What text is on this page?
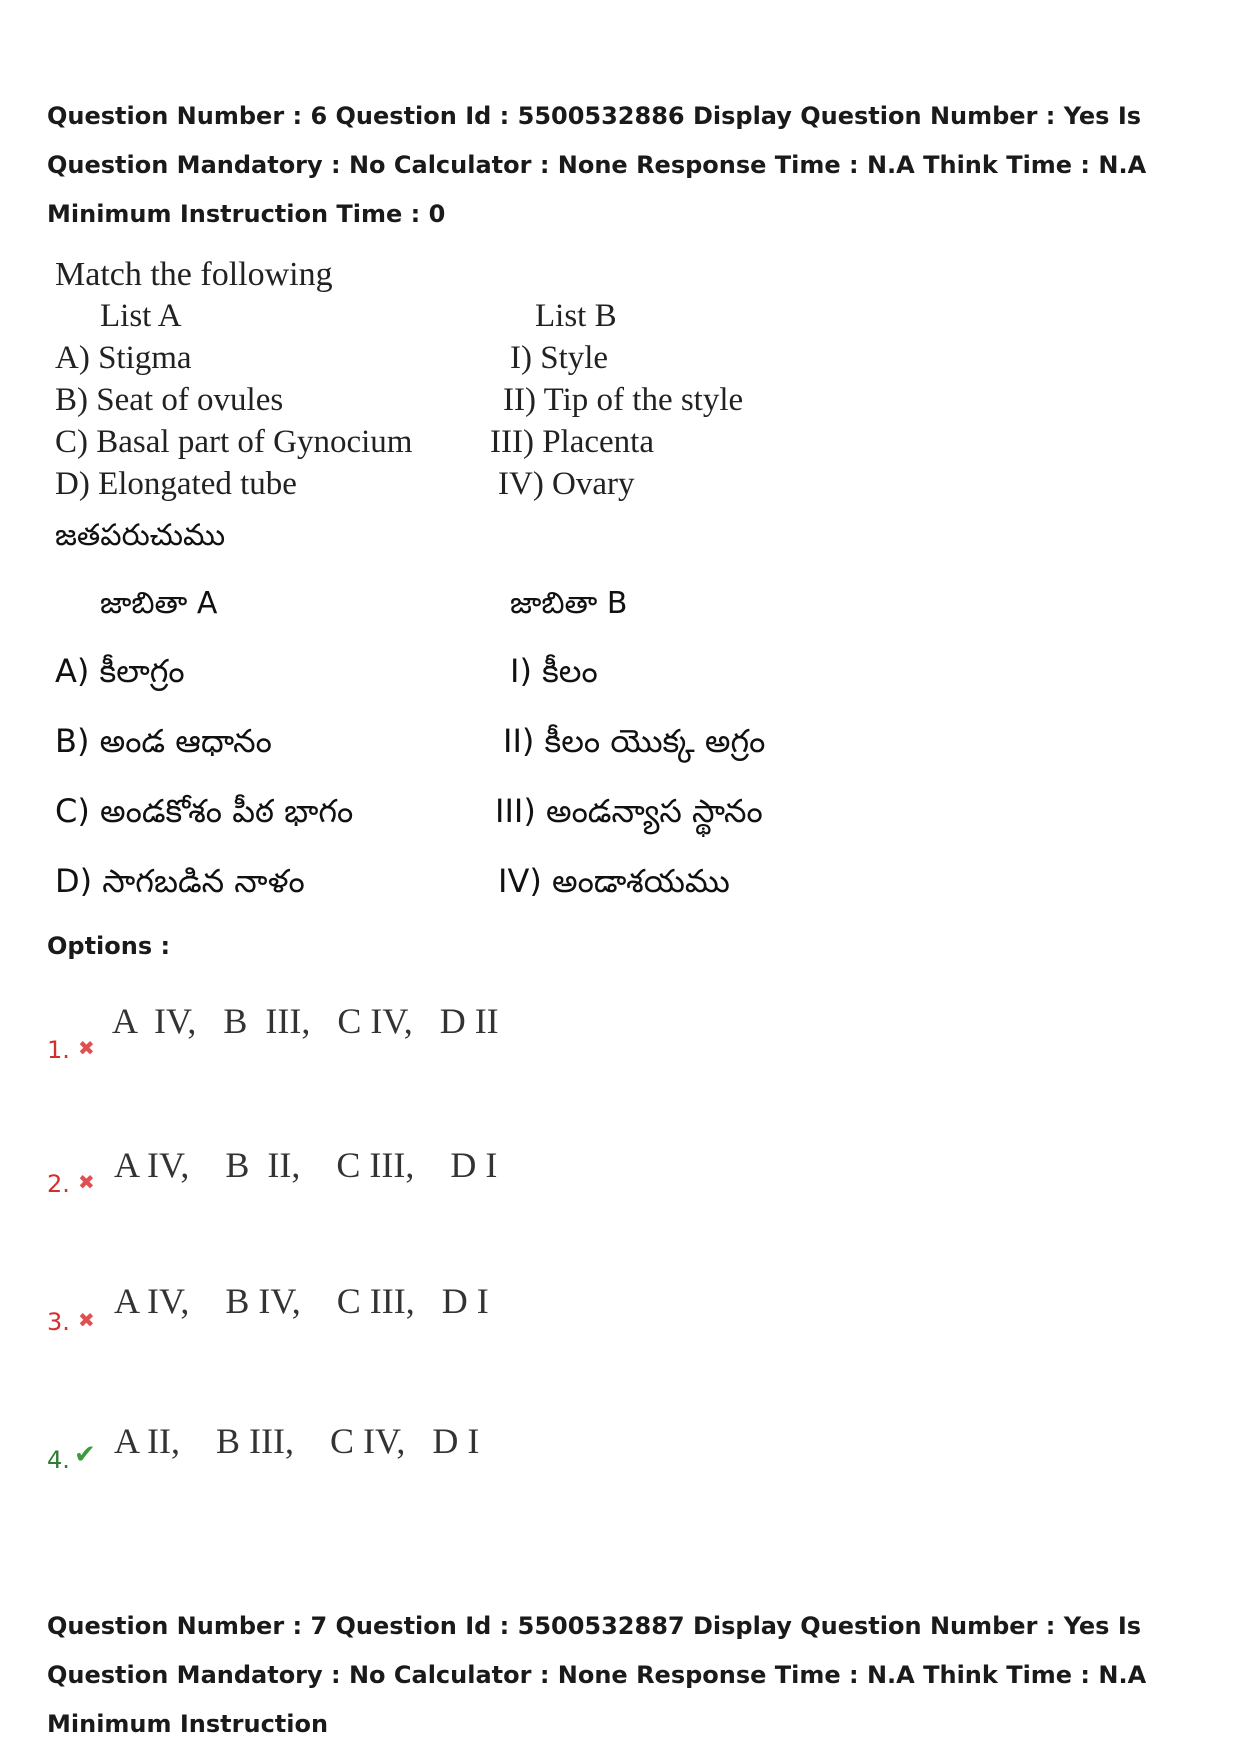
Question Number : 6 Question Id : 5500532886 Display Question Number : Yes Is Question Mandatory : No Calculator : None Response Time : N.A Think Time : N.A Minimum Instruction Time : 0
Match the following
List A	List B
A) Stigma
B) Seat of ovules
C) Basal part of Gynocium
D) Elongated tube
I) Style
II) Tip of the style
III) Placenta
IV) Ovary
జతపరుచుము
జాబితా A	జాబితా B
A) కీలాగ్రం
B) అండ ఆధానం
C) అండకోశం పీఠ భాగం
D) సాగబడిన నాళం
I) కీలం
II) కీలం యొక్క అగ్రం
III) అండన్యాస స్థానం
IV) అండాశయము
Options :
1. ✖
A  IV,   B  III,   C IV,   D II
2. ✖ A IV,    B  II,    C III,    D I
3. ✖ A IV,    B IV,    C III,   D I
4. ✔ A II,    B III,    C IV,   D I
Question Number : 7 Question Id : 5500532887 Display Question Number : Yes Is Question Mandatory : No Calculator : None Response Time : N.A Think Time : N.A Minimum Instruction
